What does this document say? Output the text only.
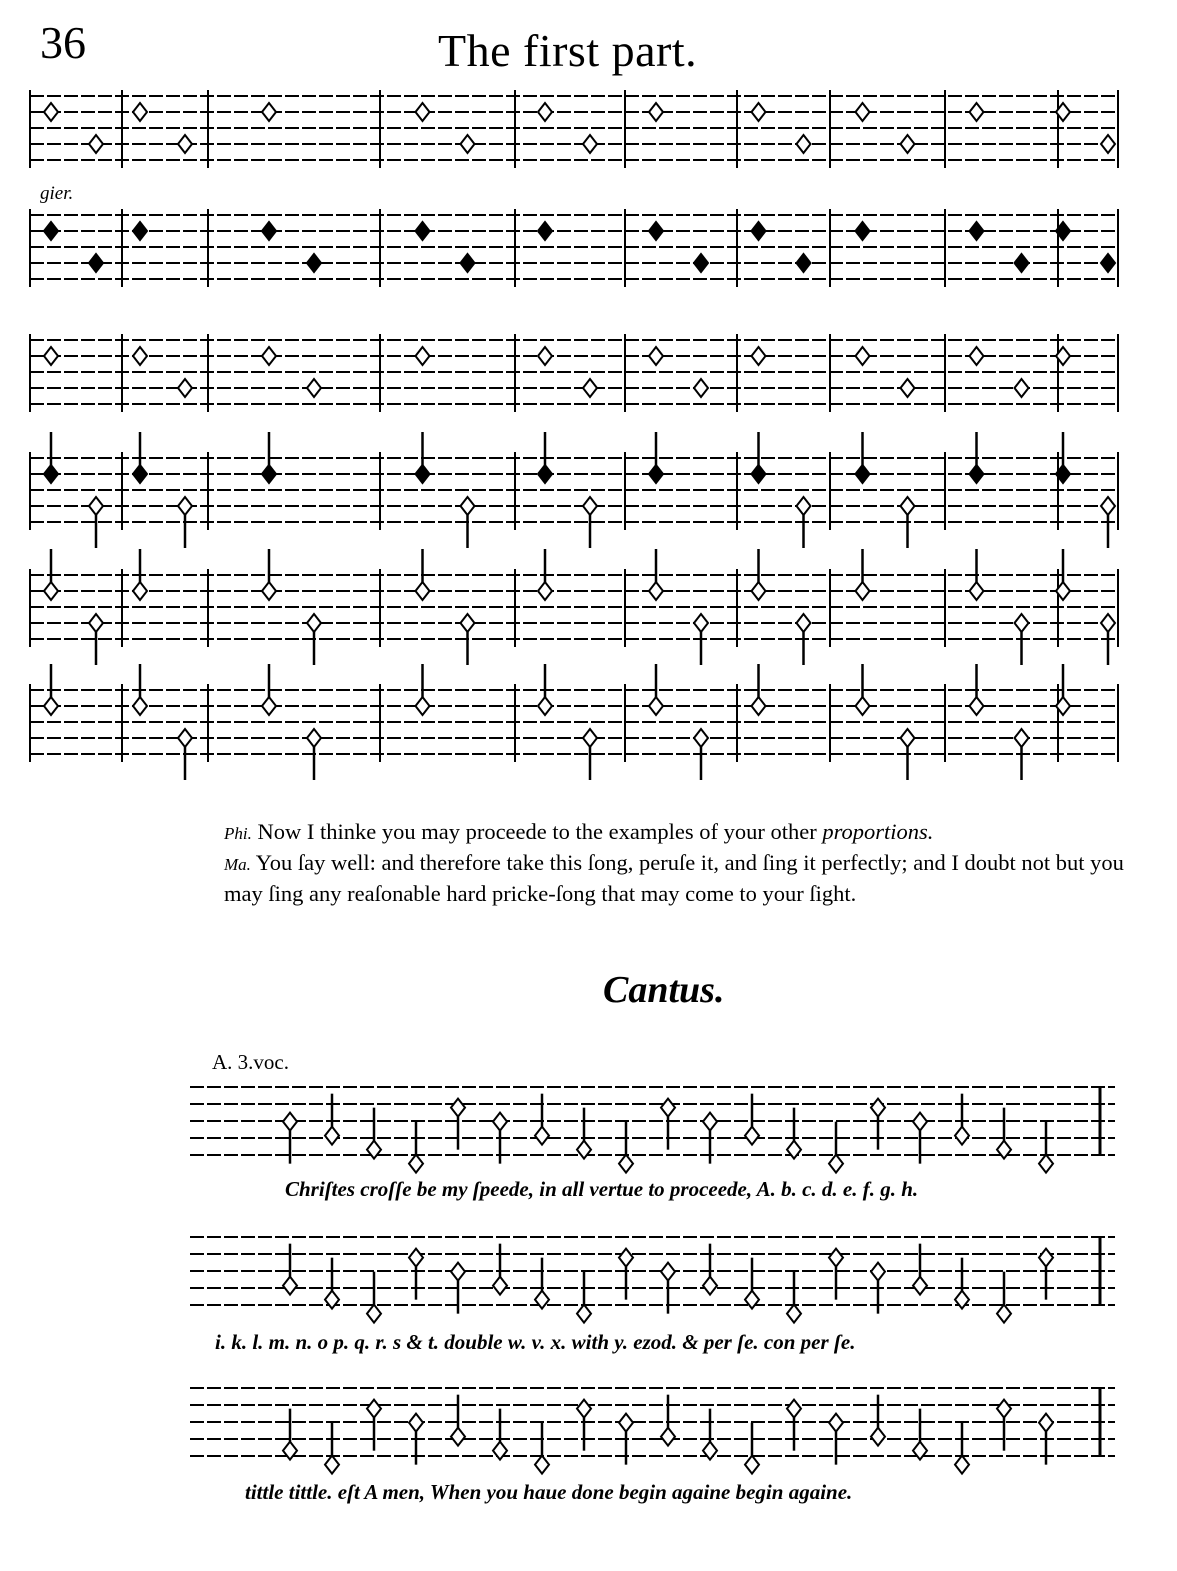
36	The first part.
gier.

Phi. Now I thinke you may proceede to the examples of your other proportions.

Ma. You ſay well: and therefore take this ſong, peruſe it, and ſing it perfectly; and I doubt not but you may ſing any reaſonable hard pricke-ſong that may come to your ſight.

Cantus.
A. 3.voc.
Chriſtes croſſe be my ſpeede, in all vertue to proceede, A. b. c. d. e. f. g. h.
i. k. l. m. n. o p. q. r. s & t. double w. v. x. with y. ezod. & per ſe. con per ſe.
tittle tittle. eſt A men, When you haue done begin againe begin againe.
